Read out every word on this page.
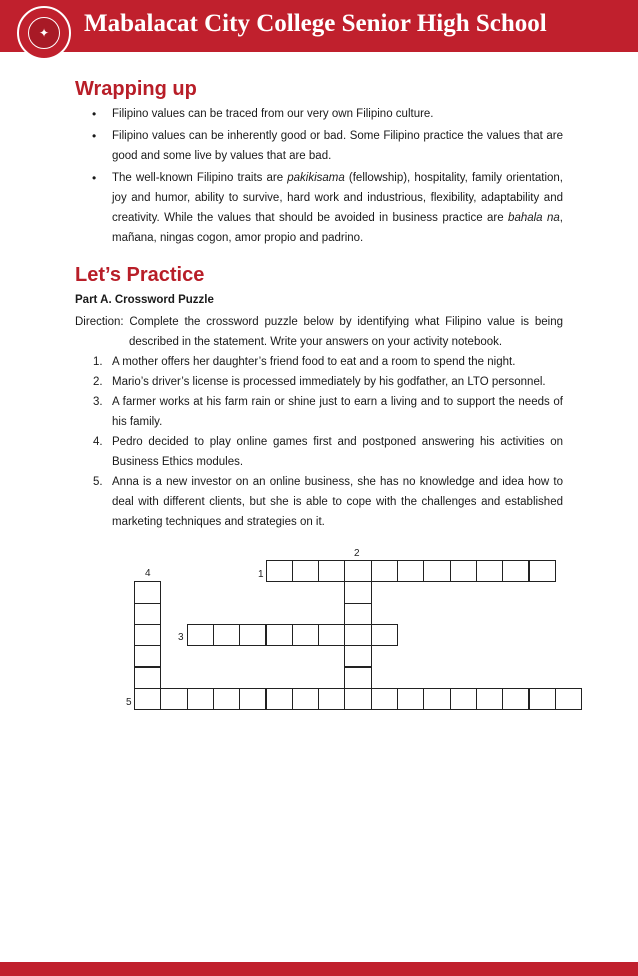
✦ Mabalacat City College Senior High School
Wrapping up
• Filipino values can be traced from our very own Filipino culture.
• Filipino values can be inherently good or bad. Some Filipino practice the values that are good and some live by values that are bad.
• The well-known Filipino traits are pakikisama (fellowship), hospitality, family orientation, joy and humor, ability to survive, hard work and industrious, flexibility, adaptability and creativity. While the values that should be avoided in business practice are bahala na, mañana, ningas cogon, amor propio and padrino.
Let’s Practice
Part A. Crossword Puzzle
Direction: Complete the crossword puzzle below by identifying what Filipino value is being
described in the statement. Write your answers on your activity notebook.
1. A mother offers her daughter’s friend food to eat and a room to spend the night.
2. Mario’s driver’s license is processed immediately by his godfather, an LTO personnel.
3. A farmer works at his farm rain or shine just to earn a living and to support the needs of his family.
4. Pedro decided to play online games first and postponed answering his activities on Business Ethics modules.
5. Anna is a new investor on an online business, she has no knowledge and idea how to deal with different clients, but she is able to cope with the challenges and established marketing techniques and strategies on it.
2
4	1
3
5
